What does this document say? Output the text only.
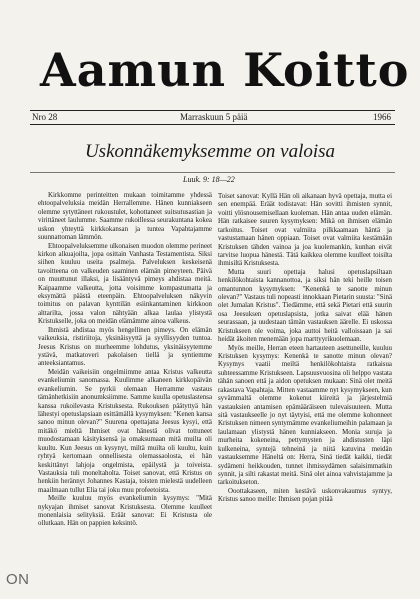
Aamun Koitto
Nro 28	Marraskuun 5 päiä	1966
Uskonnäkemyksemme on valoisa
Luuk. 9: 18—22

Kirkkomme perinteitten mukaan toimitamme yhdessä ehtoopalveluksia meidän Herrallemme. Hänen kunniakseen olemme sytyttäneet rukoustulet, kohottaneet suitsutusastian ja virittäneet laulumme. Saamme rukoillessa seurakuntana kokea uskon yhteyttä kirkkokansan ja tuntea Vapahtajamme suunnattoman lämmön.

Ehtoopalveluksemme ulkonaisen muodon olemme perineet kirkon alkuajoilta, jopa osittain Vanhasta Testamentista. Siksi siihen kuuluu useita psalmeja. Palveluksen keskeisenä tavoitteena on valkeuden saaminen elämän pimeyteen. Päivä on muuttunut illaksi, ja lisääntyvä pimeys ahdistaa meitä. Kaipaamme valkeutta, jotta voisimme kompastumatta ja eksymättä päästä eteenpäin. Ehtoopalveluksen näkyvin toimitus on palavan kynttilän esiinkantaminen kirkkoon alttarilta, jossa valon nähtyään alkaa laulaa ylistystä Kristukselle, joka on meidän elämämme ainoa valkeus.

Ihmistä ahdistaa myös hengellinen pimeys. On elämän vaikeuksia, ristiriitoja, yksinäisyyttä ja syyllisyyden tuntoa. Jeesus Kristus on murheemme lohdutus, yksinäisyytemme ystävä, matkatoveri pakolaisen tiellä ja syntiemme anteeksiantamus.

Meidän vaikeisiin ongelmiimme antaa Kristus valkeutta evankeliumin sanomassa. Kuulimme alkaneen kirkkopäivän evankeliumin. Se pyrkii olemaan Herramme vastaus tämänhetkisiin anonumksiimme. Samme kuulla opetuslastensa kanssa rukoilevasta Kristuksesta. Rukouksen päätyttyä hän lähestyi opetuslapsiaan esittämällä kysymyksen: "Kenen kansa sanoo minun olevan?" Suurena opettajana Jeesus kysyi, että mitäkö mieltä Ihmiset ovat hänestä olivat tottuneet muodostamaan käsityksensä ja omaksumaan mitä muilta oli kuultu. Kun Jeesus on kysynyt, miltä muilta oli kuultu, kuin ryhtyä kertomaan onnellisesta olemassaolosta, ei hän keskittänyt lahjoja ongelmista, epäilystä ja toiveista. Vastauksia tuli moneltaholta. Toiset sanovat, että Kristus on henkiin herännyt Johannes Kastaja, toisten mielestä uudelleen maailmaan tullut Elia tai joku muu profeetoista.

Meille kuuluu myös evankeliumin kysymys: "Mitä nykyajan ihmiset sanovat Kristuksesta. Olemme kuulleet monenlaisia selityksiä. Eräät sanovat: Ei Kristusta ole ollutkaan. Hän on pappien keksintö.

Toiset sanovat: Kyllä Hän oli aikanaan hyvä opettaja, mutta ei sen enempää. Eräät todistavat: Hän sovitti ihmisten synnit, voitti ylösnousemisellaan kuoleman. Hän antaa uuden elämän. Hän ratkaisee suuren kysymyksen: Mikä on ihmisen elämän tarkoitus. Toiset ovat valmiita pilkkaamaan häntä ja vastustamaan hänen oppiaan. Toiset ovat valmiita kestämään Kristuksen tähden vainoa ja joa kuolemankin, kunhan eivät tarvitse luopua hänestä. Tätä kaikkea olemme kuulleet toisilta ihmisiltä Kristuksesta.

Mutta suuri opettaja halusi opetuslapsiltaan henkilökohtaista kannanottoa, ja siksi hän teki heille toisen omantunnon kysymyksen: "Kenenkä te sanotte minun olevan?" Vastaus tuli nopeasti innokkaan Pietarin suusta: "Sinä olet Jumalan Kristus". Tiedämme, että sekä Pietari että suurin osa Jeesuksen opetuslapsista, jotka saivat elää hänen seurassaan, ja uudestaan tämän vastauksen äärelle. Ei uskossa Kristukseen ole voima, joka auttoi heitä valloissaan ja sai heidät äkoiten menemään jopa marttyyrikuolemaan.

Myös meille, Herran eteen hartauteen asettuneille, kuuluu Kristuksen kysymys: Kenenkä te sanotte minun olevan? Kysymys vaatii meiltä henkilökohtaista ratkaisua suhteessamme Kristukseen. Lapsuusvuosina oli helppo vastata tähän sanoen että ja aidon opetuksen mukaan: Sinä olet meitä rakastava Vapahtaja. Mitten vastaamme nyt kysymykseen, kun syvämmaltä olemme kokenut kiireitä ja järjestelmiä vastauksien antamisen epämääräiseen tulevaisuuteen. Mutta sitä vastaukseelle jo nyt täytyisi, että me olemme kohonneet Kristuksen nimeen syntymämme evankeliumeihin palamaan ja laulamaan ylistystä hänen kunniakseen. Monia suruja ja murheita kokeneina, pettymysten ja ahdistusten läpi kulkeneina, syntejä tehneinä ja niitä katuvina meidän vastauksemme Häneltä on: Herra, Sinä tiedät kaikki, tiedät sydämeni heikkouden, tunnet ihmissydämen salaisimmatkin synnit, ja silti rakastat meitä. Sinä olet ainoa vahvistajamme ja tarkoitukseton.

Ooottakaseen, miten kestävä uskonvakaumus syntyy, Kristus sanoo meille: Ihmisen pojan pitää

ON
